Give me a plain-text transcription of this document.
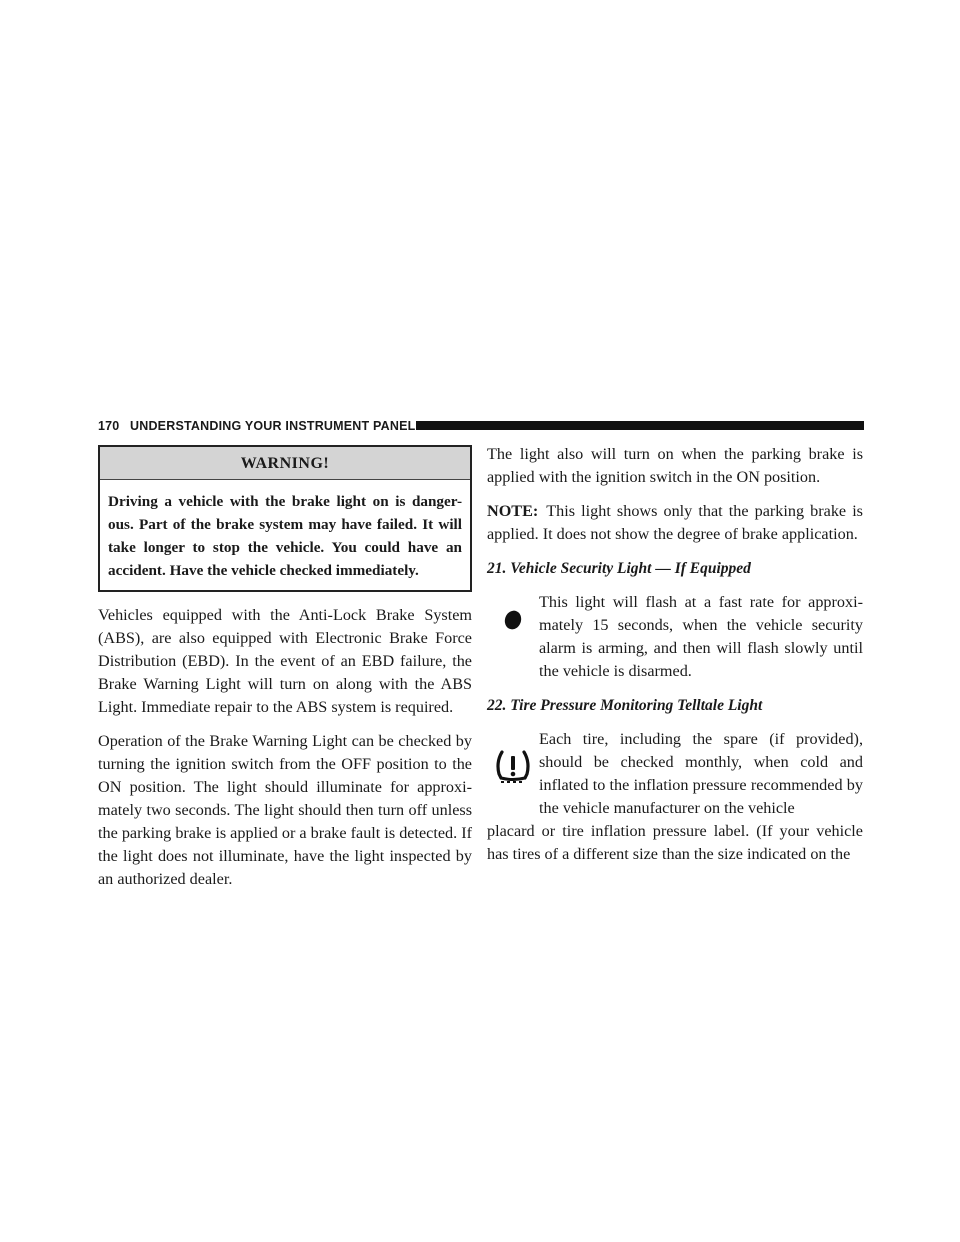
170 UNDERSTANDING YOUR INSTRUMENT PANEL
WARNING!
Driving a vehicle with the brake light on is danger- ous. Part of the brake system may have failed. It will take longer to stop the vehicle. You could have an accident. Have the vehicle checked immediately.

Vehicles equipped with the Anti-Lock Brake System (ABS), are also equipped with Electronic Brake Force Distribution (EBD). In the event of an EBD failure, the Brake Warning Light will turn on along with the ABS Light. Immediate repair to the ABS system is required.

Operation of the Brake Warning Light can be checked by turning the ignition switch from the OFF position to the ON position. The light should illuminate for approxi- mately two seconds. The light should then turn off unless the parking brake is applied or a brake fault is detected. If the light does not illuminate, have the light inspected by an authorized dealer.

The light also will turn on when the parking brake is applied with the ignition switch in the ON position.

NOTE: This light shows only that the parking brake is applied. It does not show the degree of brake application.

21. Vehicle Security Light — If Equipped

This light will flash at a fast rate for approxi- mately 15 seconds, when the vehicle security alarm is arming, and then will flash slowly until the vehicle is disarmed.

22. Tire Pressure Monitoring Telltale Light

Each tire, including the spare (if provided), should be checked monthly, when cold and inflated to the inflation pressure recommended by the vehicle manufacturer on the vehicle

placard or tire inflation pressure label. (If your vehicle has tires of a different size than the size indicated on the
